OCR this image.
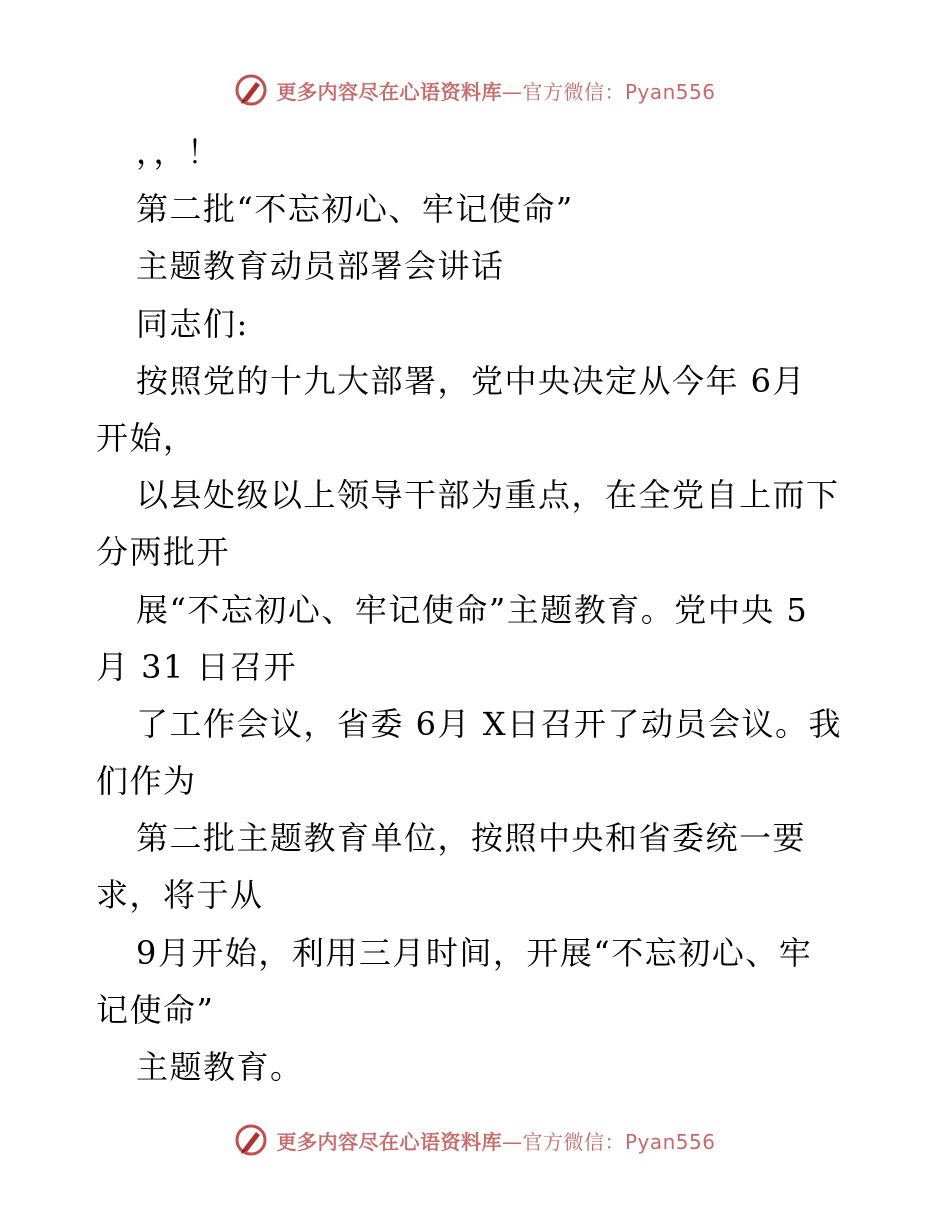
更多内容尽在心语资料库—官方微信：Pyan556
，，！
第二批“不忘初心、牢记使命”
主题教育动员部署会讲话
同志们:
按照党的十九大部署，党中央决定从今年 6月
开始，
以县处级以上领导干部为重点，在全党自上而下
分两批开
展“不忘初心、牢记使命”主题教育。党中央 5
月 31 日召开
了工作会议，省委 6月 X日召开了动员会议。我
们作为
第二批主题教育单位，按照中央和省委统一要
求，将于从
9月开始，利用三月时间，开展“不忘初心、牢
记使命”
主题教育。
更多内容尽在心语资料库—官方微信：Pyan556
